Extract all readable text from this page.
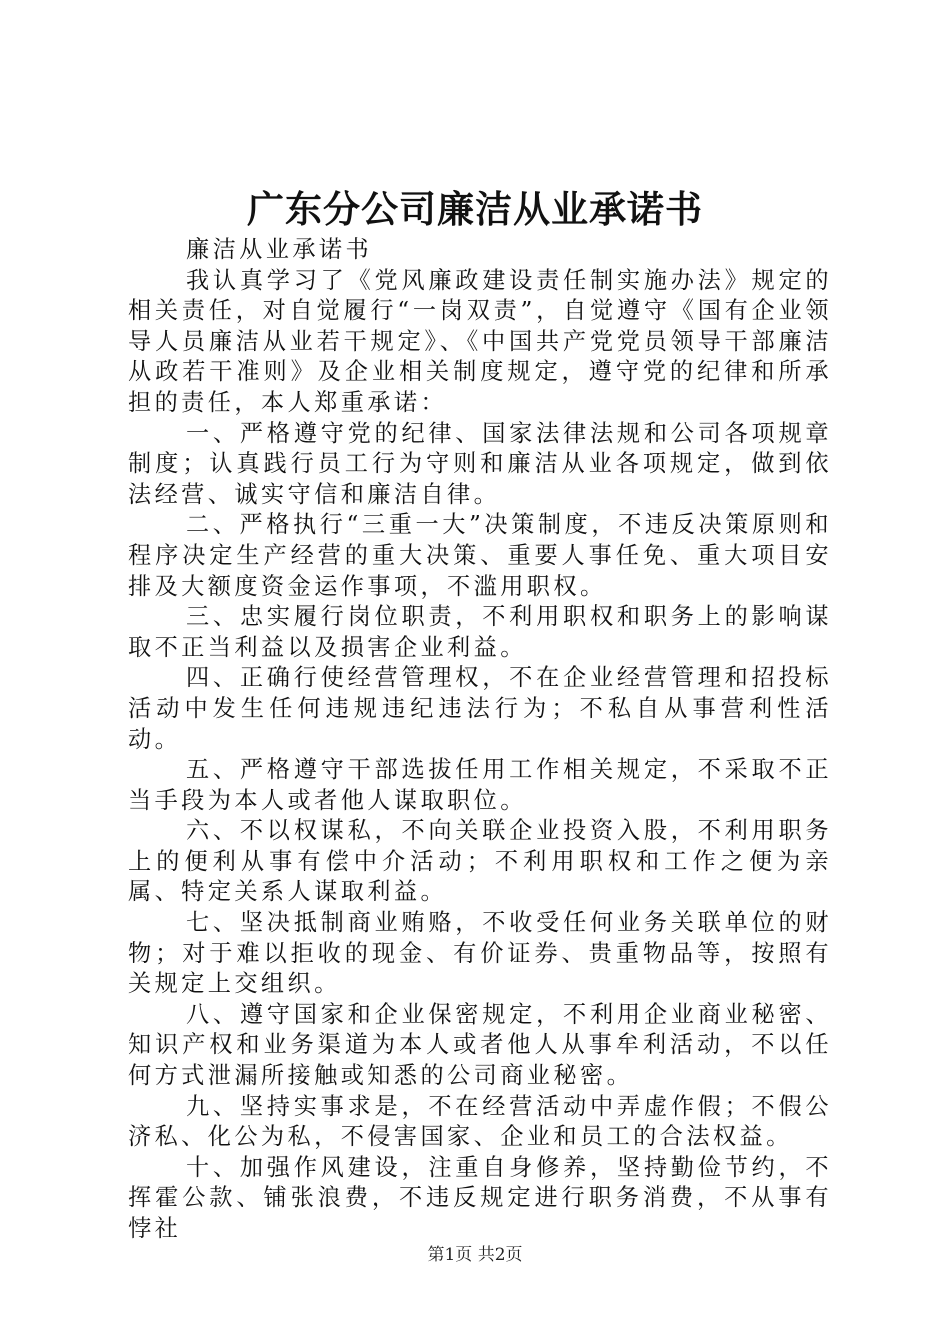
广东分公司廉洁从业承诺书

廉洁从业承诺书

我认真学习了《党风廉政建设责任制实施办法》规定的相关责任，对自觉履行“一岗双责”，自觉遵守《国有企业领导人员廉洁从业若干规定》、《中国共产党党员领导干部廉洁从政若干准则》及企业相关制度规定，遵守党的纪律和所承担的责任，本人郑重承诺：

一、严格遵守党的纪律、国家法律法规和公司各项规章制度；认真践行员工行为守则和廉洁从业各项规定，做到依法经营、诚实守信和廉洁自律。

二、严格执行“三重一大”决策制度，不违反决策原则和程序决定生产经营的重大决策、重要人事任免、重大项目安排及大额度资金运作事项，不滥用职权。

三、忠实履行岗位职责，不利用职权和职务上的影响谋取不正当利益以及损害企业利益。

四、正确行使经营管理权，不在企业经营管理和招投标活动中发生任何违规违纪违法行为；不私自从事营利性活动。

五、严格遵守干部选拔任用工作相关规定，不采取不正当手段为本人或者他人谋取职位。

六、不以权谋私，不向关联企业投资入股，不利用职务上的便利从事有偿中介活动；不利用职权和工作之便为亲属、特定关系人谋取利益。

七、坚决抵制商业贿赂，不收受任何业务关联单位的财物；对于难以拒收的现金、有价证券、贵重物品等，按照有关规定上交组织。

八、遵守国家和企业保密规定，不利用企业商业秘密、知识产权和业务渠道为本人或者他人从事牟利活动，不以任何方式泄漏所接触或知悉的公司商业秘密。

九、坚持实事求是，不在经营活动中弄虚作假；不假公济私、化公为私，不侵害国家、企业和员工的合法权益。

十、加强作风建设，注重自身修养，坚持勤俭节约，不挥霍公款、铺张浪费，不违反规定进行职务消费，不从事有悖社

第1页 共2页
